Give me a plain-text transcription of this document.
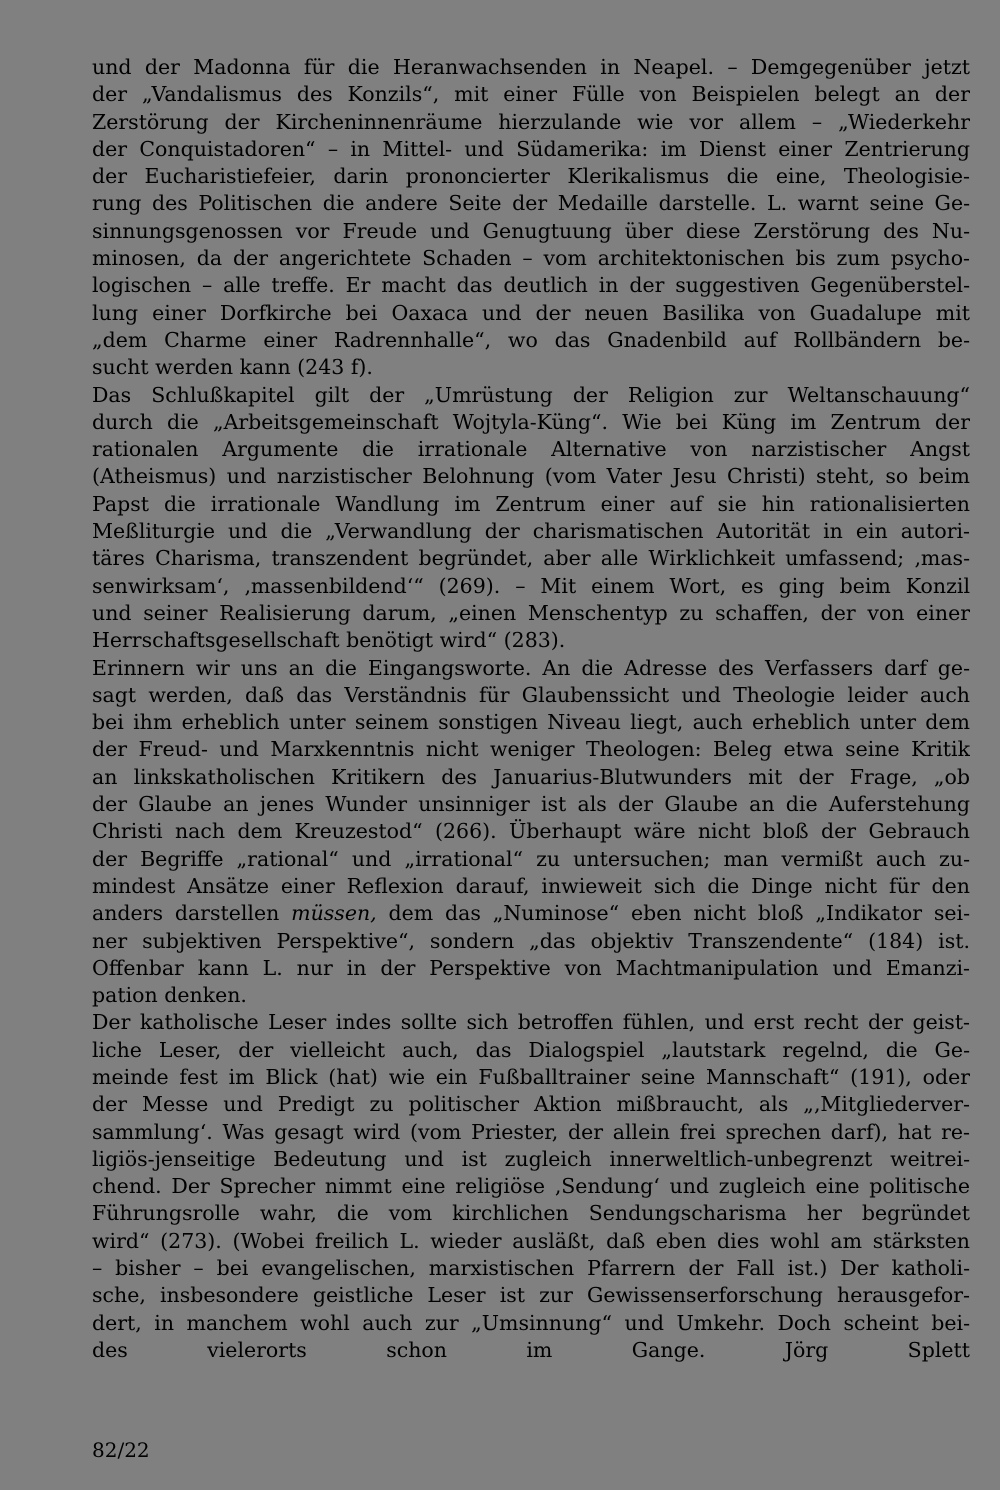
und der Madonna für die Heranwachsenden in Neapel. – Demgegenüber jetzt
der „Vandalismus des Konzils“, mit einer Fülle von Beispielen belegt an der
Zerstörung der Kircheninnenräume hierzulande wie vor allem – „Wiederkehr
der Conquistadoren“ – in Mittel- und Südamerika: im Dienst einer Zentrierung
der Eucharistiefeier, darin prononcierter Klerikalismus die eine, Theologisie-
rung des Politischen die andere Seite der Medaille darstelle. L. warnt seine Ge-
sinnungsgenossen vor Freude und Genugtuung über diese Zerstörung des Nu-
minosen, da der angerichtete Schaden – vom architektonischen bis zum psycho-
logischen – alle treffe. Er macht das deutlich in der suggestiven Gegenüberstel-
lung einer Dorfkirche bei Oaxaca und der neuen Basilika von Guadalupe mit
„dem Charme einer Radrennhalle“, wo das Gnadenbild auf Rollbändern be-
sucht werden kann (243 f).
Das Schlußkapitel gilt der „Umrüstung der Religion zur Weltanschauung“
durch die „Arbeitsgemeinschaft Wojtyla-Küng“. Wie bei Küng im Zentrum der
rationalen Argumente die irrationale Alternative von narzistischer Angst
(Atheismus) und narzistischer Belohnung (vom Vater Jesu Christi) steht, so beim
Papst die irrationale Wandlung im Zentrum einer auf sie hin rationalisierten
Meßliturgie und die „Verwandlung der charismatischen Autorität in ein autori-
täres Charisma, transzendent begründet, aber alle Wirklichkeit umfassend; ‚mas-
senwirksam‘, ‚massenbildend‘“ (269). – Mit einem Wort, es ging beim Konzil
und seiner Realisierung darum, „einen Menschentyp zu schaffen, der von einer
Herrschaftsgesellschaft benötigt wird“ (283).
Erinnern wir uns an die Eingangsworte. An die Adresse des Verfassers darf ge-
sagt werden, daß das Verständnis für Glaubenssicht und Theologie leider auch
bei ihm erheblich unter seinem sonstigen Niveau liegt, auch erheblich unter dem
der Freud- und Marxkenntnis nicht weniger Theologen: Beleg etwa seine Kritik
an linkskatholischen Kritikern des Januarius-Blutwunders mit der Frage, „ob
der Glaube an jenes Wunder unsinniger ist als der Glaube an die Auferstehung
Christi nach dem Kreuzestod“ (266). Überhaupt wäre nicht bloß der Gebrauch
der Begriffe „rational“ und „irrational“ zu untersuchen; man vermißt auch zu-
mindest Ansätze einer Reflexion darauf, inwieweit sich die Dinge nicht für den
anders darstellen müssen, dem das „Numinose“ eben nicht bloß „Indikator sei-
ner subjektiven Perspektive“, sondern „das objektiv Transzendente“ (184) ist.
Offenbar kann L. nur in der Perspektive von Machtmanipulation und Emanzi-
pation denken.
Der katholische Leser indes sollte sich betroffen fühlen, und erst recht der geist-
liche Leser, der vielleicht auch, das Dialogspiel „lautstark regelnd, die Ge-
meinde fest im Blick (hat) wie ein Fußballtrainer seine Mannschaft“ (191), oder
der Messe und Predigt zu politischer Aktion mißbraucht, als „‚Mitgliederver-
sammlung‘. Was gesagt wird (vom Priester, der allein frei sprechen darf), hat re-
ligiös-jenseitige Bedeutung und ist zugleich innerweltlich-unbegrenzt weitrei-
chend. Der Sprecher nimmt eine religiöse ‚Sendung‘ und zugleich eine politische
Führungsrolle wahr, die vom kirchlichen Sendungscharisma her begründet
wird“ (273). (Wobei freilich L. wieder ausläßt, daß eben dies wohl am stärksten
– bisher – bei evangelischen, marxistischen Pfarrern der Fall ist.) Der katholi-
sche, insbesondere geistliche Leser ist zur Gewissenserforschung herausgefor-
dert, in manchem wohl auch zur „Umsinnung“ und Umkehr. Doch scheint bei-
des vielerorts schon im Gange.	Jörg Splett
82/22
